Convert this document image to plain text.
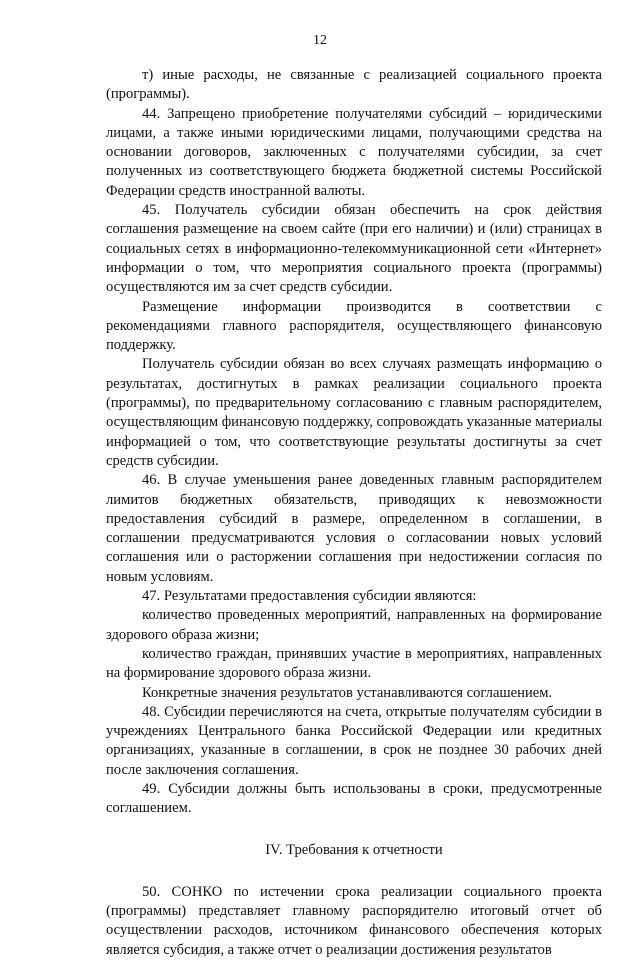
12

т) иные расходы, не связанные с реализацией социального проекта (программы).

44. Запрещено приобретение получателями субсидий – юридическими лицами, а также иными юридическими лицами, получающими средства на основании договоров, заключенных с получателями субсидии, за счет полученных из соответствующего бюджета бюджетной системы Российской Федерации средств иностранной валюты.

45. Получатель субсидии обязан обеспечить на срок действия соглашения размещение на своем сайте (при его наличии) и (или) страницах в социальных сетях в информационно-телекоммуникационной сети «Интернет» информации о том, что мероприятия социального проекта (программы) осуществляются им за счет средств субсидии.

Размещение информации производится в соответствии с рекомендациями главного распорядителя, осуществляющего финансовую поддержку.

Получатель субсидии обязан во всех случаях размещать информацию о результатах, достигнутых в рамках реализации социального проекта (программы), по предварительному согласованию с главным распорядителем, осуществляющим финансовую поддержку, сопровождать указанные материалы информацией о том, что соответствующие результаты достигнуты за счет средств субсидии.

46. В случае уменьшения ранее доведенных главным распорядителем лимитов бюджетных обязательств, приводящих к невозможности предоставления субсидий в размере, определенном в соглашении, в соглашении предусматриваются условия о согласовании новых условий соглашения или о расторжении соглашения при недостижении согласия по новым условиям.

47. Результатами предоставления субсидии являются:

количество проведенных мероприятий, направленных на формирование здорового образа жизни;

количество граждан, принявших участие в мероприятиях, направленных на формирование здорового образа жизни.

Конкретные значения результатов устанавливаются соглашением.

48. Субсидии перечисляются на счета, открытые получателям субсидии в учреждениях Центрального банка Российской Федерации или кредитных организациях, указанные в соглашении, в срок не позднее 30 рабочих дней после заключения соглашения.

49. Субсидии должны быть использованы в сроки, предусмотренные соглашением.

IV. Требования к отчетности

50. СОНКО по истечении срока реализации социального проекта (программы) представляет главному распорядителю итоговый отчет об осуществлении расходов, источником финансового обеспечения которых является субсидия, а также отчет о реализации достижения результатов
